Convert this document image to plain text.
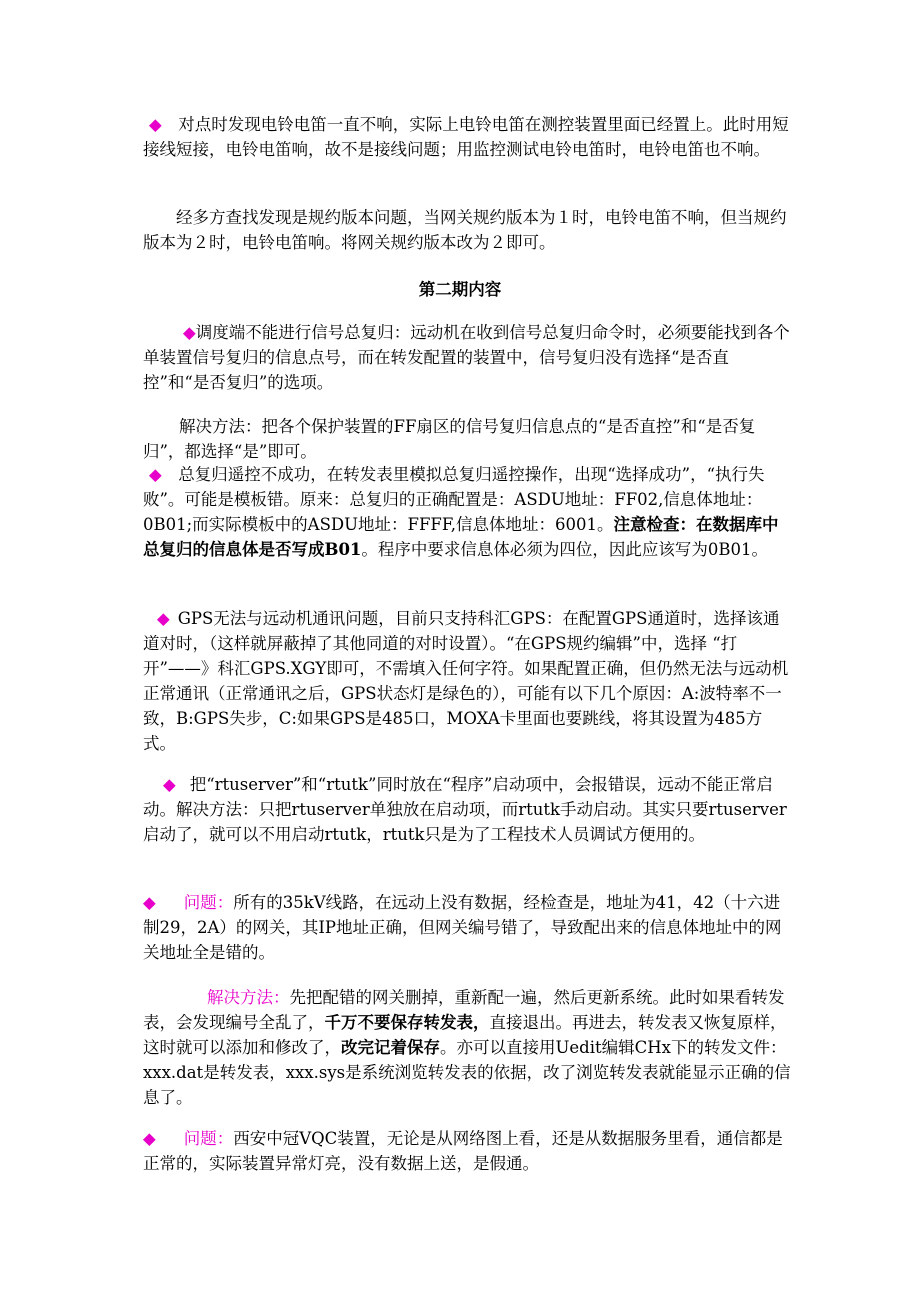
◆　对点时发现电铃电笛一直不响，实际上电铃电笛在测控装置里面已经置上。此时用短接线短接，电铃电笛响，故不是接线问题；用监控测试电铃电笛时，电铃电笛也不响。

　　经多方查找发现是规约版本问题，当网关规约版本为１时，电铃电笛不响，但当规约版本为２时，电铃电笛响。将网关规约版本改为２即可。

第二期内容

◆调度端不能进行信号总复归：远动机在收到信号总复归命令时，必须要能找到各个单装置信号复归的信息点号，而在转发配置的装置中，信号复归没有选择“是否直控”和“是否复归”的选项。

解决方法：把各个保护装置的FF扇区的信号复归信息点的“是否直控”和“是否复归”，都选择“是”即可。

◆　总复归遥控不成功，在转发表里模拟总复归遥控操作，出现“选择成功”，“执行失败”。可能是模板错。原来：总复归的正确配置是：ASDU地址：FF02,信息体地址：0B01;而实际模板中的ASDU地址：FFFF,信息体地址：6001。注意检查：在数据库中总复归的信息体是否写成B01。程序中要求信息体必须为四位，因此应该写为0B01。

◆ GPS无法与远动机通讯问题，目前只支持科汇GPS：在配置GPS通道时，选择该通道对时，（这样就屏蔽掉了其他同道的对时设置）。“在GPS规约编辑”中，选择 “打开”——》科汇GPS.XGY即可，不需填入任何字符。如果配置正确，但仍然无法与远动机正常通讯（正常通讯之后，GPS状态灯是绿色的），可能有以下几个原因：A:波特率不一致，B:GPS失步，C:如果GPS是485口，MOXA卡里面也要跳线，将其设置为485方式。

◆ 把“rtuserver”和“rtutk”同时放在“程序”启动项中，会报错误，远动不能正常启动。解决方法：只把rtuserver单独放在启动项，而rtutk手动启动。其实只要rtuserver启动了，就可以不用启动rtutk，rtutk只是为了工程技术人员调试方便用的。

◆ 问题：所有的35kV线路，在远动上没有数据，经检查是，地址为41，42（十六进制29，2A）的网关，其IP地址正确，但网关编号错了，导致配出来的信息体地址中的网关地址全是错的。

解决方法：先把配错的网关删掉，重新配一遍，然后更新系统。此时如果看转发表，会发现编号全乱了，千万不要保存转发表，直接退出。再进去，转发表又恢复原样，这时就可以添加和修改了，改完记着保存。亦可以直接用Uedit编辑CHx下的转发文件：xxx.dat是转发表，xxx.sys是系统浏览转发表的依据，改了浏览转发表就能显示正确的信息了。

◆ 问题：西安中冠VQC装置，无论是从网络图上看，还是从数据服务里看，通信都是正常的，实际装置异常灯亮，没有数据上送，是假通。
